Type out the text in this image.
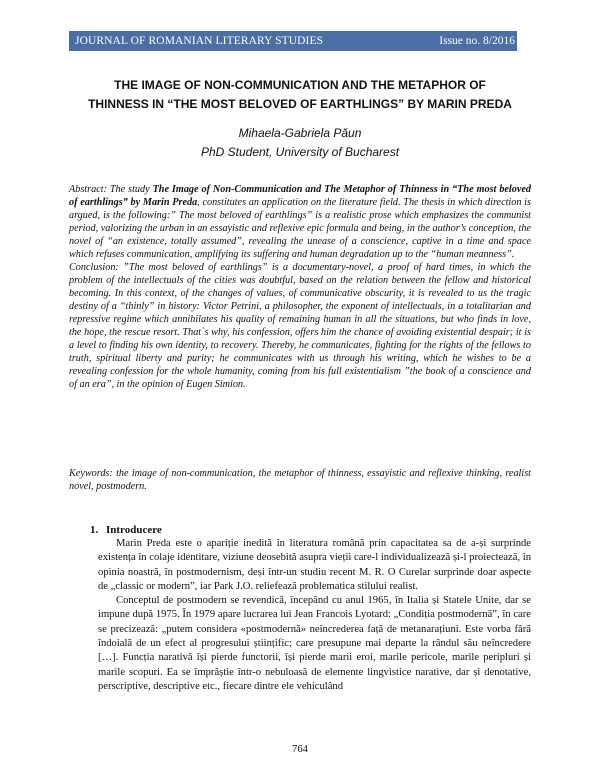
JOURNAL OF ROMANIAN LITERARY STUDIES	Issue no. 8/2016
THE IMAGE OF NON-COMMUNICATION AND THE METAPHOR OF
THINNESS IN “THE MOST BELOVED OF EARTHLINGS” BY MARIN PREDA
Mihaela-Gabriela Păun
PhD Student, University of Bucharest

Abstract: The study The Image of Non-Communication and The Metaphor of Thinness in “The most beloved of earthlings” by Marin Preda, constitutes an application on the literature field. The thesis in which direction is argued, is the following:” The most beloved of earthlings” is a realistic prose which emphasizes the communist period, valorizing the urban in an essayistic and reflexive epic formula and being, in the author’s conception, the novel of “an existence, totally assumed”, revealing the unease of a conscience, captive in a time and space which refuses communication, amplifying its suffering and human degradation up to the “human meanness”.

Conclusion: ”The most beloved of earthlings” is a documentary-novel, a proof of hard times, in which the problem of the intellectuals of the cities was doubtful, based on the relation between the fellow and historical becoming. In this context, of the changes of values, of communicative obscurity, it is revealed to us the tragic destiny of a “thinly” in history: Victor Petrini, a philosopher, the exponent of intellectuals, in a totalitarian and repressive regime which annihilates his quality of remaining human in all the situations, but who finds in love, the hope, the rescue resort. That`s why, his confession, offers him the chance of avoiding existential despair; it is a level to finding his own identity, to recovery. Thereby, he communicates, fighting for the rights of the fellows to truth, spiritual liberty and purity; he communicates with us through his writing, which he wishes to be a revealing confession for the whole humanity, coming from his full existentialism ”the book of a conscience and of an era”, in the opinion of Eugen Simion.

Keywords: the image of non-communication, the metaphor of thinness, essayistic and reflexive thinking, realist novel, postmodern.
1. Introducere

Marin Preda este o apariție inedită în literatura română prin capacitatea sa de a-și surprinde existența în colaje identitare, viziune deosebită asupra vieții care-l individualizează și-l proiectează, în opinia noastră, în postmodernism, deși într-un studiu recent M. R. O Curelar surprinde doar aspecte de „classic or modern”, iar Park J.O. reliefează problematica stilului realist.

Conceptul de postmodern se revendică, începând cu anul 1965, în Italia și Statele Unite, dar se impune după 1975. În 1979 apare lucrarea lui Jean Francois Lyotard: „Condiția postmodernă”, în care se precizează: „putem considera «postmodernă» neîncrederea față de metanarațiuni. Este vorba fără îndoială de un efect al progresului științific; care presupune mai departe la rândul său neîncredere […]. Funcția narativă își pierde functorii, își pierde marii eroi, marile pericole, marile peripluri și marile scopuri. Ea se împrăștie într-o nebuloasă de elemente lingvistice narative, dar și denotative, perscriptive, descriptive etc., fiecare dintre ele vehiculând

764
